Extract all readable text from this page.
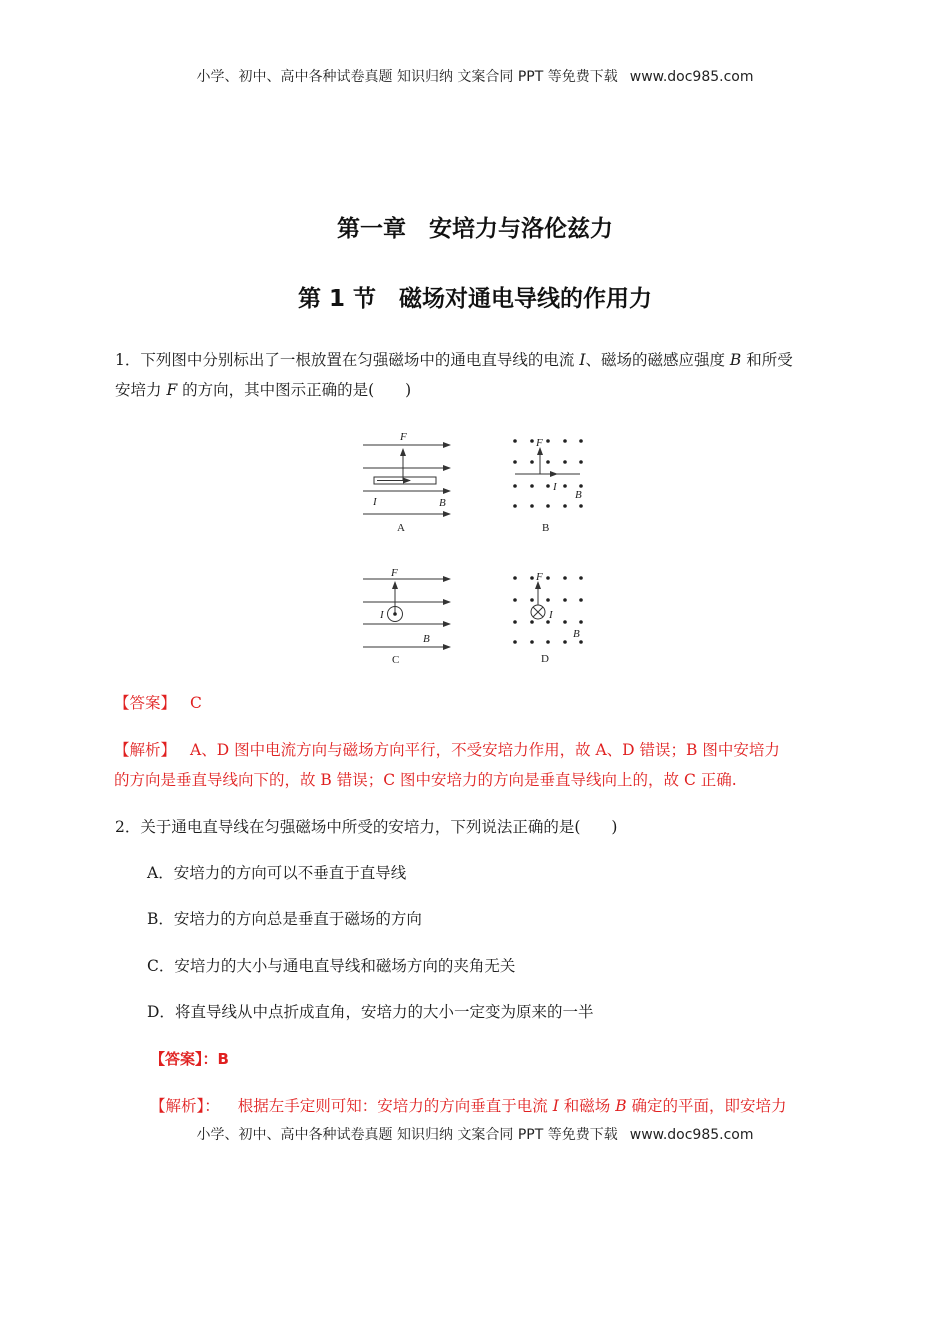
小学、初中、高中各种试卷真题 知识归纳 文案合同 PPT 等免费下载 www.doc985.com
第一章　安培力与洛伦兹力
第 1 节　磁场对通电导线的作用力
1．下列图中分别标出了一根放置在匀强磁场中的通电直导线的电流 I、磁场的磁感应强度 B 和所受
安培力 F 的方向，其中图示正确的是(　　)
F
I	B
A
F
I
B
B
F
I
B
C
F
I
B
D
【答案】 C
【解析】 A、D 图中电流方向与磁场方向平行，不受安培力作用，故 A、D 错误；B 图中安培力
的方向是垂直导线向下的，故 B 错误；C 图中安培力的方向是垂直导线向上的，故 C 正确.
2．关于通电直导线在匀强磁场中所受的安培力，下列说法正确的是(　　)
A．安培力的方向可以不垂直于直导线
B．安培力的方向总是垂直于磁场的方向
C．安培力的大小与通电直导线和磁场方向的夹角无关
D．将直导线从中点折成直角，安培力的大小一定变为原来的一半
【答案】：B
【解析】： 根据左手定则可知：安培力的方向垂直于电流 I 和磁场 B 确定的平面，即安培力
小学、初中、高中各种试卷真题 知识归纳 文案合同 PPT 等免费下载 www.doc985.com
